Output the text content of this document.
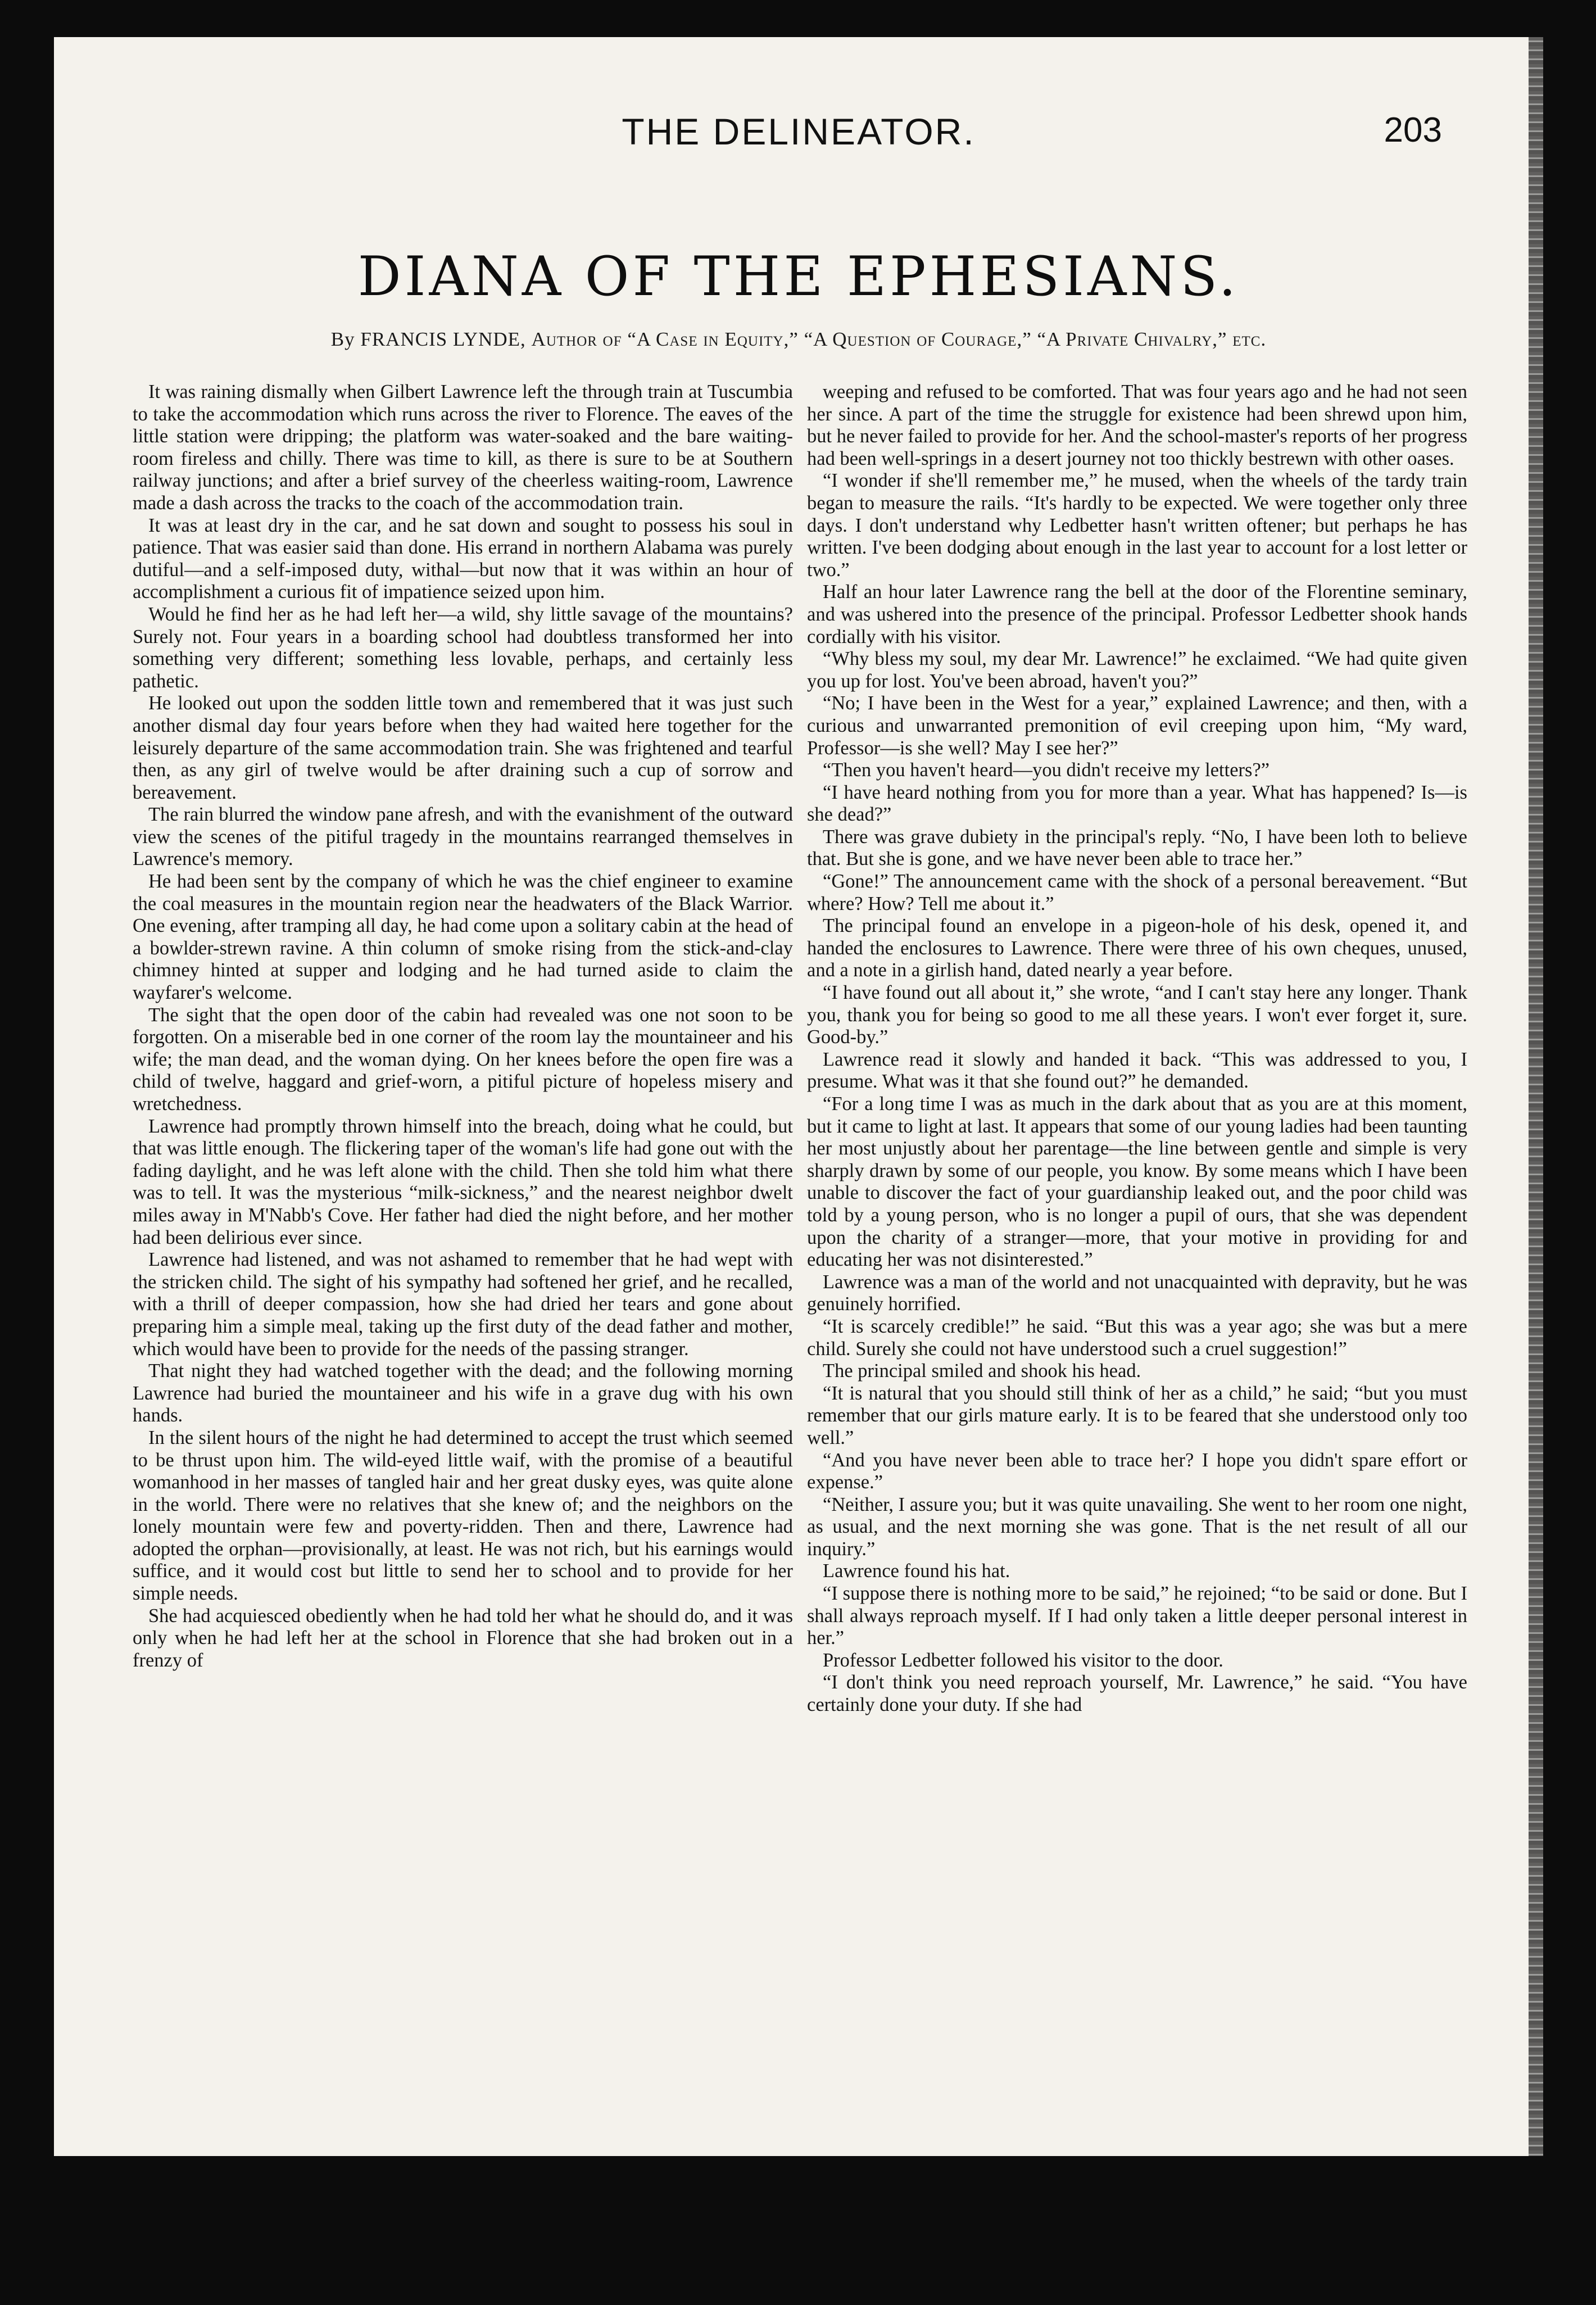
THE DELINEATOR.	203
DIANA OF THE EPHESIANS.
By FRANCIS LYNDE, Author of “A Case in Equity,” “A Question of Courage,” “A Private Chivalry,” etc.

It was raining dismally when Gilbert Lawrence left the through train at Tuscumbia to take the accommodation which runs across the river to Florence. The eaves of the little station were dripping; the platform was water-soaked and the bare waiting-room fireless and chilly. There was time to kill, as there is sure to be at Southern railway junctions; and after a brief survey of the cheerless waiting-room, Lawrence made a dash across the tracks to the coach of the accommodation train.

It was at least dry in the car, and he sat down and sought to possess his soul in patience. That was easier said than done. His errand in northern Alabama was purely dutiful—and a self-imposed duty, withal—but now that it was within an hour of accomplishment a curious fit of impatience seized upon him.

Would he find her as he had left her—a wild, shy little savage of the mountains? Surely not. Four years in a boarding school had doubtless transformed her into something very different; something less lovable, perhaps, and certainly less pathetic.

He looked out upon the sodden little town and remembered that it was just such another dismal day four years before when they had waited here together for the leisurely departure of the same accommodation train. She was frightened and tearful then, as any girl of twelve would be after draining such a cup of sorrow and bereavement.

The rain blurred the window pane afresh, and with the evanishment of the outward view the scenes of the pitiful tragedy in the mountains rearranged themselves in Lawrence's memory.

He had been sent by the company of which he was the chief engineer to examine the coal measures in the mountain region near the headwaters of the Black Warrior. One evening, after tramping all day, he had come upon a solitary cabin at the head of a bowlder-strewn ravine. A thin column of smoke rising from the stick-and-clay chimney hinted at supper and lodging and he had turned aside to claim the wayfarer's welcome.

The sight that the open door of the cabin had revealed was one not soon to be forgotten. On a miserable bed in one corner of the room lay the mountaineer and his wife; the man dead, and the woman dying. On her knees before the open fire was a child of twelve, haggard and grief-worn, a pitiful picture of hopeless misery and wretchedness.

Lawrence had promptly thrown himself into the breach, doing what he could, but that was little enough. The flickering taper of the woman's life had gone out with the fading daylight, and he was left alone with the child. Then she told him what there was to tell. It was the mysterious “milk-sickness,” and the nearest neighbor dwelt miles away in M'Nabb's Cove. Her father had died the night before, and her mother had been delirious ever since.

Lawrence had listened, and was not ashamed to remember that he had wept with the stricken child. The sight of his sympathy had softened her grief, and he recalled, with a thrill of deeper compassion, how she had dried her tears and gone about preparing him a simple meal, taking up the first duty of the dead father and mother, which would have been to provide for the needs of the passing stranger.

That night they had watched together with the dead; and the following morning Lawrence had buried the mountaineer and his wife in a grave dug with his own hands.

In the silent hours of the night he had determined to accept the trust which seemed to be thrust upon him. The wild-eyed little waif, with the promise of a beautiful womanhood in her masses of tangled hair and her great dusky eyes, was quite alone in the world. There were no relatives that she knew of; and the neighbors on the lonely mountain were few and poverty-ridden. Then and there, Lawrence had adopted the orphan—provisionally, at least. He was not rich, but his earnings would suffice, and it would cost but little to send her to school and to provide for her simple needs.

She had acquiesced obediently when he had told her what he should do, and it was only when he had left her at the school in Florence that she had broken out in a frenzy of

weeping and refused to be comforted. That was four years ago and he had not seen her since. A part of the time the struggle for existence had been shrewd upon him, but he never failed to provide for her. And the school-master's reports of her progress had been well-springs in a desert journey not too thickly bestrewn with other oases.

“I wonder if she'll remember me,” he mused, when the wheels of the tardy train began to measure the rails. “It's hardly to be expected. We were together only three days. I don't understand why Ledbetter hasn't written oftener; but perhaps he has written. I've been dodging about enough in the last year to account for a lost letter or two.”

Half an hour later Lawrence rang the bell at the door of the Florentine seminary, and was ushered into the presence of the principal. Professor Ledbetter shook hands cordially with his visitor.

“Why bless my soul, my dear Mr. Lawrence!” he exclaimed. “We had quite given you up for lost. You've been abroad, haven't you?”

“No; I have been in the West for a year,” explained Lawrence; and then, with a curious and unwarranted premonition of evil creeping upon him, “My ward, Professor—is she well? May I see her?”

“Then you haven't heard—you didn't receive my letters?”

“I have heard nothing from you for more than a year. What has happened? Is—is she dead?”

There was grave dubiety in the principal's reply. “No, I have been loth to believe that. But she is gone, and we have never been able to trace her.”

“Gone!” The announcement came with the shock of a personal bereavement. “But where? How? Tell me about it.”

The principal found an envelope in a pigeon-hole of his desk, opened it, and handed the enclosures to Lawrence. There were three of his own cheques, unused, and a note in a girlish hand, dated nearly a year before.

“I have found out all about it,” she wrote, “and I can't stay here any longer. Thank you, thank you for being so good to me all these years. I won't ever forget it, sure. Good-by.”

Lawrence read it slowly and handed it back. “This was addressed to you, I presume. What was it that she found out?” he demanded.

“For a long time I was as much in the dark about that as you are at this moment, but it came to light at last. It appears that some of our young ladies had been taunting her most unjustly about her parentage—the line between gentle and simple is very sharply drawn by some of our people, you know. By some means which I have been unable to discover the fact of your guardianship leaked out, and the poor child was told by a young person, who is no longer a pupil of ours, that she was dependent upon the charity of a stranger—more, that your motive in providing for and educating her was not disinterested.”

Lawrence was a man of the world and not unacquainted with depravity, but he was genuinely horrified.

“It is scarcely credible!” he said. “But this was a year ago; she was but a mere child. Surely she could not have understood such a cruel suggestion!”

The principal smiled and shook his head.

“It is natural that you should still think of her as a child,” he said; “but you must remember that our girls mature early. It is to be feared that she understood only too well.”

“And you have never been able to trace her? I hope you didn't spare effort or expense.”

“Neither, I assure you; but it was quite unavailing. She went to her room one night, as usual, and the next morning she was gone. That is the net result of all our inquiry.”

Lawrence found his hat.

“I suppose there is nothing more to be said,” he rejoined; “to be said or done. But I shall always reproach myself. If I had only taken a little deeper personal interest in her.”

Professor Ledbetter followed his visitor to the door.

“I don't think you need reproach yourself, Mr. Lawrence,” he said. “You have certainly done your duty. If she had
